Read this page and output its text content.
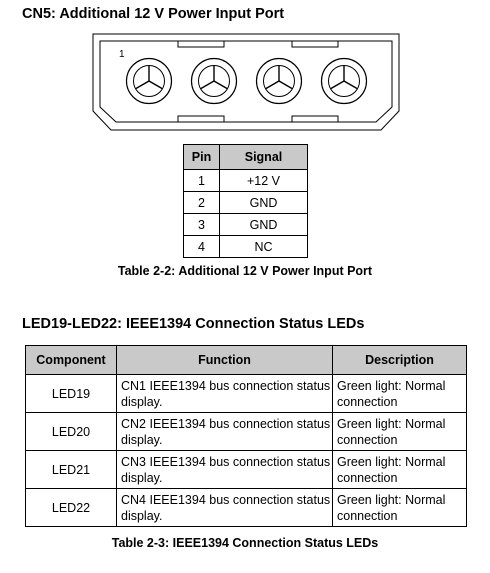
CN5: Additional 12 V Power Input Port
1
Pin	Signal
1	+12 V
2	GND
3	GND
4	NC
Table 2-2: Additional 12 V Power Input Port
LED19-LED22: IEEE1394 Connection Status LEDs
Component	Function	Description
LED19	CN1 IEEE1394 bus connection status display.	Green light: Normal connection
LED20	CN2 IEEE1394 bus connection status display.	Green light: Normal connection
LED21	CN3 IEEE1394 bus connection status display.	Green light: Normal connection
LED22	CN4 IEEE1394 bus connection status display.	Green light: Normal connection
Table 2-3: IEEE1394 Connection Status LEDs
